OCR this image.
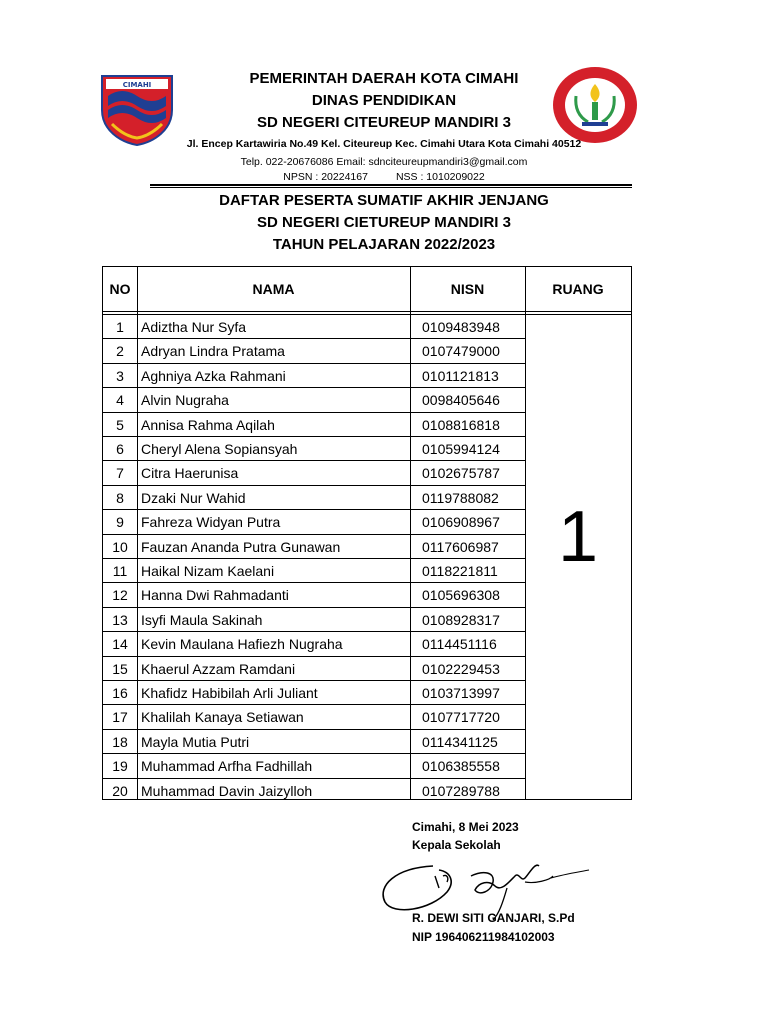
CIMAHI	PEMERINTAH DAERAH KOTA CIMAHI
DINAS PENDIDIKAN
SD NEGERI CITEUREUP MANDIRI 3
Jl. Encep Kartawiria No.49 Kel. Citeureup Kec. Cimahi Utara Kota Cimahi 40512
Telp. 022-20676086 Email: sdnciteureupmandiri3@gmail.com
NPSN : 20224167	NSS : 1010209022
DAFTAR PESERTA SUMATIF AKHIR JENJANG
SD NEGERI CIETUREUP MANDIRI 3
TAHUN PELAJARAN 2022/2023
NO	NAMA	NISN	RUANG
1	Adiztha Nur Syfa	0109483948
2	Adryan Lindra Pratama	0107479000
3	Aghniya Azka Rahmani	0101121813
4	Alvin Nugraha	0098405646
5	Annisa Rahma Aqilah	0108816818
6	Cheryl Alena Sopiansyah	0105994124
7	Citra Haerunisa	0102675787
8	Dzaki Nur Wahid	0119788082
9	Fahreza Widyan Putra	0106908967
10 Fauzan Ananda Putra Gunawan	0117606987
11 Haikal Nizam Kaelani	0118221811
12 Hanna Dwi Rahmadanti	0105696308
13 Isyfi Maula Sakinah	0108928317
14 Kevin Maulana Hafiezh Nugraha	0114451116
15 Khaerul Azzam Ramdani	0102229453
16 Khafidz Habibilah Arli Juliant	0103713997
17 Khalilah Kanaya Setiawan	0107717720
18 Mayla Mutia Putri	0114341125
19 Muhammad Arfha Fadhillah	0106385558
20 Muhammad Davin Jaizylloh	0107289788
1
Cimahi, 8 Mei 2023
Kepala Sekolah
R. DEWI SITI GANJARI, S.Pd
NIP 196406211984102003
